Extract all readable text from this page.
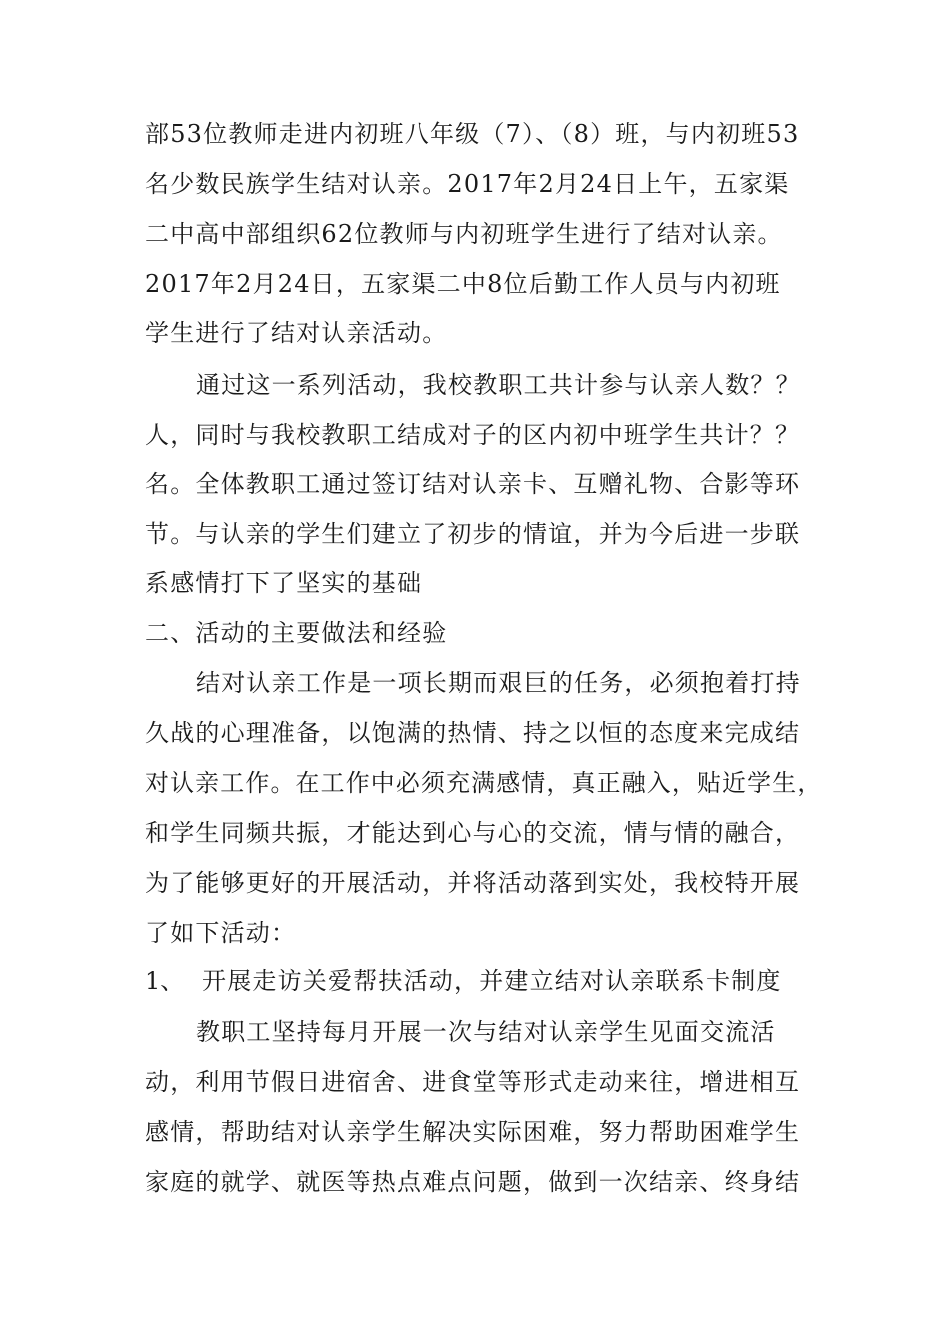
部53位教师走进内初班八年级（7）、（8）班，与内初班53
名少数民族学生结对认亲。2017年2月24日上午，五家渠
二中高中部组织62位教师与内初班学生进行了结对认亲。
2017年2月24日，五家渠二中8位后勤工作人员与内初班
学生进行了结对认亲活动。
通过这一系列活动，我校教职工共计参与认亲人数？？
人，同时与我校教职工结成对子的区内初中班学生共计？？
名。全体教职工通过签订结对认亲卡、互赠礼物、合影等环
节。与认亲的学生们建立了初步的情谊，并为今后进一步联
系感情打下了坚实的基础
二、活动的主要做法和经验
结对认亲工作是一项长期而艰巨的任务，必须抱着打持
久战的心理准备，以饱满的热情、持之以恒的态度来完成结
对认亲工作。在工作中必须充满感情，真正融入，贴近学生，
和学生同频共振，才能达到心与心的交流，情与情的融合，
为了能够更好的开展活动，并将活动落到实处，我校特开展
了如下活动：
1、 开展走访关爱帮扶活动，并建立结对认亲联系卡制度
教职工坚持每月开展一次与结对认亲学生见面交流活
动，利用节假日进宿舍、进食堂等形式走动来往，增进相互
感情，帮助结对认亲学生解决实际困难，努力帮助困难学生
家庭的就学、就医等热点难点问题，做到一次结亲、终身结
